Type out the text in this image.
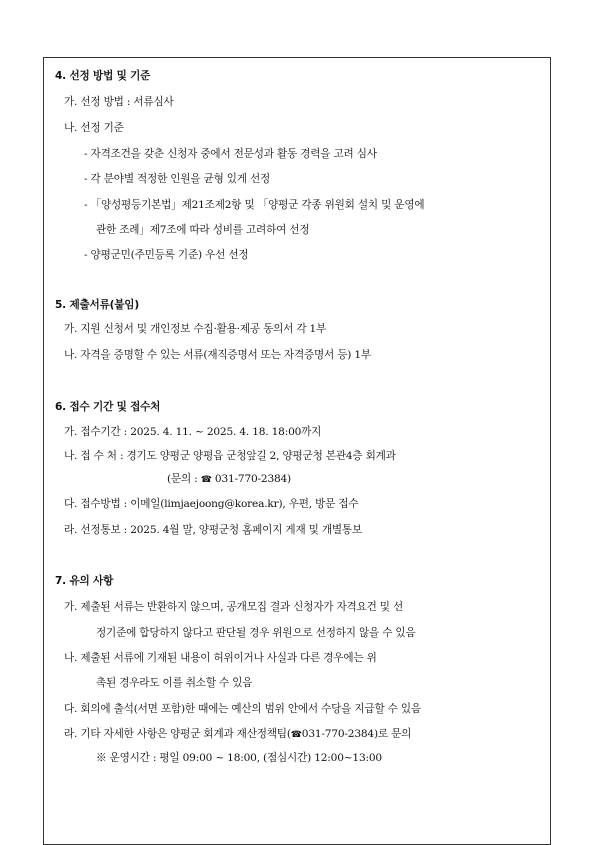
4. 선정 방법 및 기준
가. 선정 방법 : 서류심사
나. 선정 기준
- 자격조건을 갖춘 신청자 중에서 전문성과 활동 경력을 고려 심사
- 각 분야별 적정한 인원을 균형 있게 선정
- 「양성평등기본법」제21조제2항 및 「양평군 각종 위원회 설치 및 운영에
관한 조례」제7조에 따라 성비를 고려하여 선정
- 양평군민(주민등록 기준) 우선 선정
5. 제출서류(붙임)
가. 지원 신청서 및 개인정보 수집·활용·제공 동의서 각 1부
나. 자격을 증명할 수 있는 서류(재직증명서 또는 자격증명서 등) 1부
6. 접수 기간 및 접수처
가. 접수기간 : 2025. 4. 11. ~ 2025. 4. 18. 18:00까지
나. 접 수 처 : 경기도 양평군 양평읍 군청앞길 2, 양평군청 본관4층 회계과
(문의 : ☎ 031-770-2384)
다. 접수방법 : 이메일(limjaejoong@korea.kr), 우편, 방문 접수
라. 선정통보 : 2025. 4월 말, 양평군청 홈페이지 게재 및 개별통보
7. 유의 사항
가. 제출된 서류는 반환하지 않으며, 공개모집 결과 신청자가 자격요건 및 선
정기준에 합당하지 않다고 판단될 경우 위원으로 선정하지 않을 수 있음
나. 제출된 서류에 기재된 내용이 허위이거나 사실과 다른 경우에는 위
촉된 경우라도 이를 취소할 수 있음
다. 회의에 출석(서면 포함)한 때에는 예산의 범위 안에서 수당을 지급할 수 있음
라. 기타 자세한 사항은 양평군 회계과 재산정책팀(☎031-770-2384)로 문의
※ 운영시간 : 평일 09:00 ~ 18:00, (점심시간) 12:00~13:00
